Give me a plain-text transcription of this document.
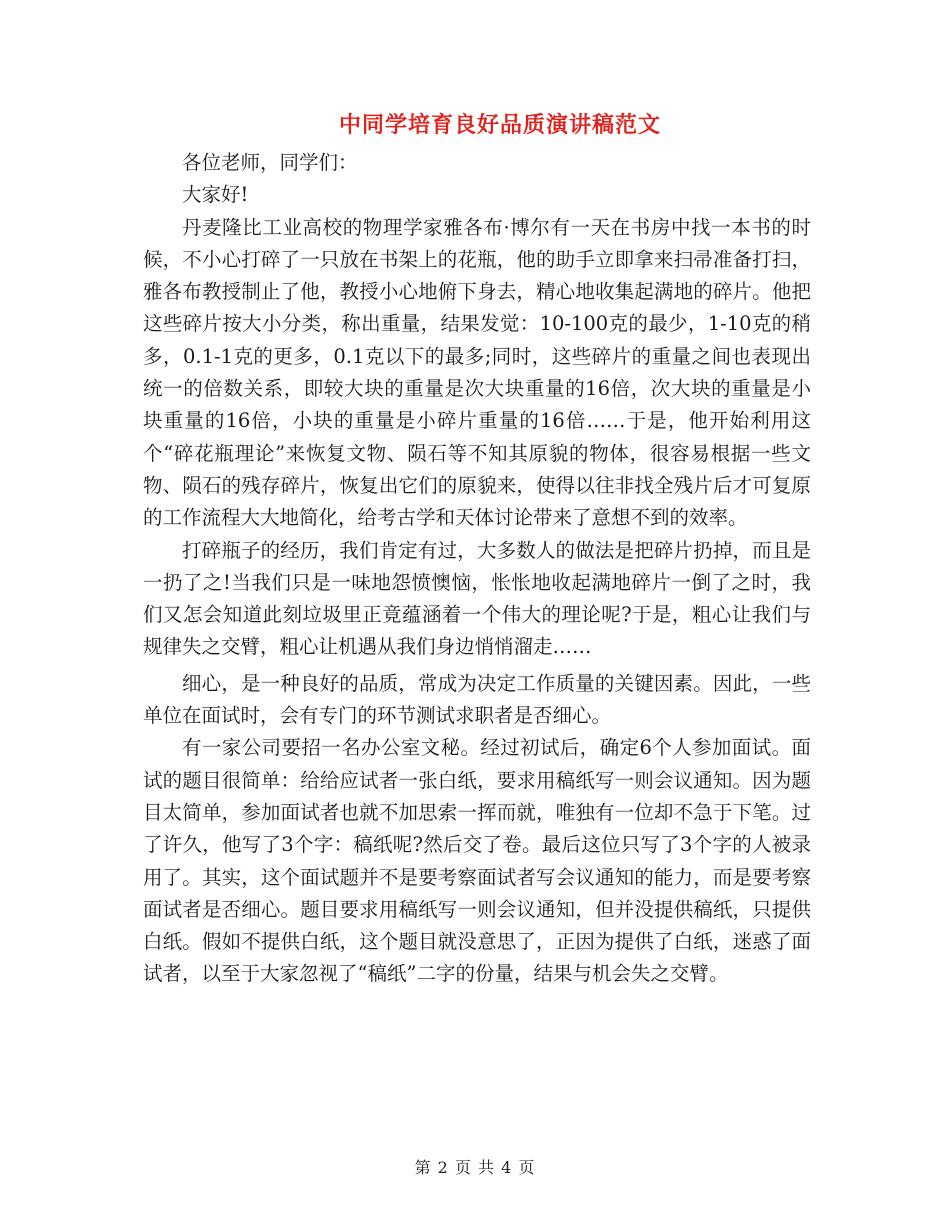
中同学培育良好品质演讲稿范文

各位老师，同学们：

大家好!

丹麦隆比工业高校的物理学家雅各布·博尔有一天在书房中找一本书的时候，不小心打碎了一只放在书架上的花瓶，他的助手立即拿来扫帚准备打扫，雅各布教授制止了他，教授小心地俯下身去，精心地收集起满地的碎片。他把这些碎片按大小分类，称出重量，结果发觉：10-100克的最少，1-10克的稍多，0.1-1克的更多，0.1克以下的最多;同时，这些碎片的重量之间也表现出统一的倍数关系，即较大块的重量是次大块重量的16倍，次大块的重量是小块重量的16倍，小块的重量是小碎片重量的16倍……于是，他开始利用这个“碎花瓶理论”来恢复文物、陨石等不知其原貌的物体，很容易根据一些文物、陨石的残存碎片，恢复出它们的原貌来，使得以往非找全残片后才可复原的工作流程大大地简化，给考古学和天体讨论带来了意想不到的效率。

打碎瓶子的经历，我们肯定有过，大多数人的做法是把碎片扔掉，而且是一扔了之!当我们只是一味地怨愤懊恼，怅怅地收起满地碎片一倒了之时，我们又怎会知道此刻垃圾里正竟蕴涵着一个伟大的理论呢?于是，粗心让我们与规律失之交臂，粗心让机遇从我们身边悄悄溜走……

细心，是一种良好的品质，常成为决定工作质量的关键因素。因此，一些单位在面试时，会有专门的环节测试求职者是否细心。

有一家公司要招一名办公室文秘。经过初试后，确定6个人参加面试。面试的题目很简单：给给应试者一张白纸，要求用稿纸写一则会议通知。因为题目太简单，参加面试者也就不加思索一挥而就，唯独有一位却不急于下笔。过了许久，他写了3个字：稿纸呢?然后交了卷。最后这位只写了3个字的人被录用了。其实，这个面试题并不是要考察面试者写会议通知的能力，而是要考察面试者是否细心。题目要求用稿纸写一则会议通知，但并没提供稿纸，只提供白纸。假如不提供白纸，这个题目就没意思了，正因为提供了白纸，迷惑了面试者，以至于大家忽视了“稿纸”二字的份量，结果与机会失之交臂。

第 2 页 共 4 页
